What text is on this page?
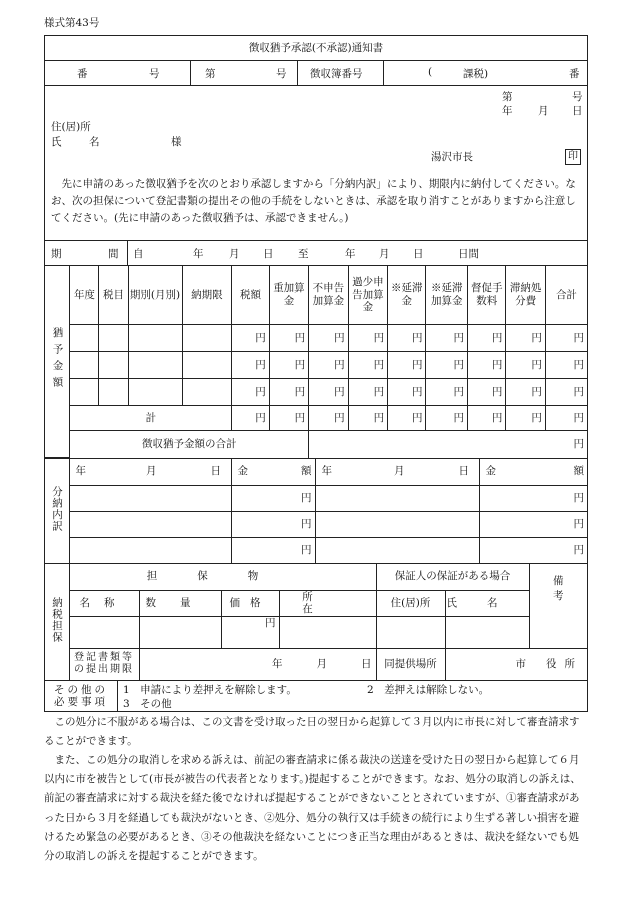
様式第43号
徴収猶予承認(不承認)通知書
番	号	第	号 徴収簿番号	(	課税)	番
第	号
年 月 日
住(居)所
氏	名	様
湯沢市長	印
先に申請のあった徴収猶予を次のとおり承認しますから「分納内訳」により、期限内に納付してください。なお、次の担保について登記書類の提出その他の手続をしないときは、承認を取り消すことがありますから注意してください。(先に申請のあった徴収猶予は、承認できません。)
期	間 自	年 月 日 至	年 月 日	日間
猶予金額	年度	税目	期別(月別)	納期限	税額	重加算金	不申告加算金	過少申告加算金	※延滞金	※延滞加算金	督促手数料	滞納処分費	合計
					円	円	円	円	円	円	円	円	円
					円	円	円	円	円	円	円	円	円
					円	円	円	円	円	円	円	円	円
	計				円	円	円	円	円	円	円	円	円
	徴収猶予金額の合計						円						
分納内訳	年 月 日	金 額	年 月 日	金 額

		円		円
		円		円
		円		円
納税担保	担保物				保証人の保証がある場合		備考
	名称	数量	価格	所在	住(居)所	氏名	
			円				
	登記書類等の提出期限	年 月 日			同提供場所	市 役所	
その他の
必要事項
1　申請により差押えを解除します。	2　差押えは解除しない。
3　その他

この処分に不服がある場合は、この文書を受け取った日の翌日から起算して３月以内に市長に対して審査請求することができます。

また、この処分の取消しを求める訴えは、前記の審査請求に係る裁決の送達を受けた日の翌日から起算して６月以内に市を被告として(市長が被告の代表者となります。)提起することができます。なお、処分の取消しの訴えは、前記の審査請求に対する裁決を経た後でなければ提起することができないこととされていますが、①審査請求があった日から３月を経過しても裁決がないとき、②処分、処分の執行又は手続きの続行により生ずる著しい損害を避けるため緊急の必要があるとき、③その他裁決を経ないことにつき正当な理由があるときは、裁決を経ないでも処分の取消しの訴えを提起することができます。
